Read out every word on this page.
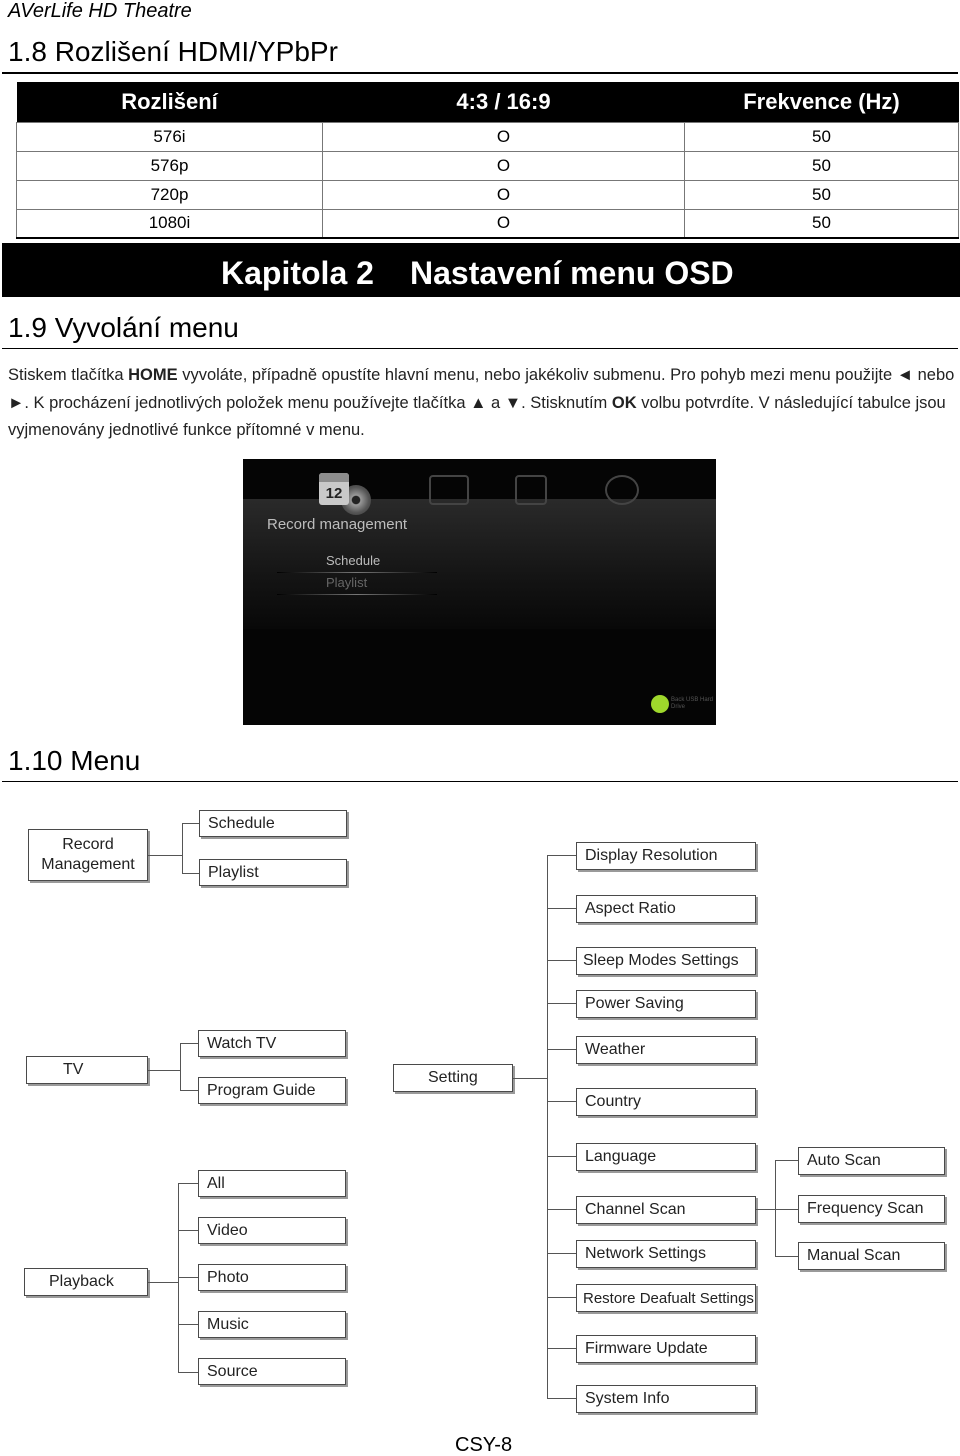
AVerLife HD Theatre
1.8 Rozlišení HDMI/YPbPr
Rozlišení	4:3 / 16:9	Frekvence (Hz)
576i	O	50
576p	O	50
720p	O	50
1080i	O	50
Kapitola 2 Nastavení menu OSD
1.9 Vyvolání menu
Stiskem tlačítka HOME vyvoláte, případně opustíte hlavní menu, nebo jakékoliv submenu. Pro pohyb mezi menu použijte ◄ nebo ►. K procházení jednotlivých položek menu používejte tlačítka ▲ a ▼. Stisknutím OK volbu potvrdíte. V následující tabulce jsou vyjmenovány jednotlivé funkce přítomné v menu.
12
Record management
Schedule
Playlist
Back USB Hard Drive
1.10 Menu
Record Management
Schedule
Playlist
TV
Watch TV
Program Guide
Playback
All
Video
Photo
Music
Source
Setting
Display Resolution
Aspect Ratio
Sleep Modes Settings
Power Saving
Weather
Country
Language
Channel Scan
Network Settings
Restore Deafualt Settings
Firmware Update
System Info
Auto Scan
Frequency Scan
Manual Scan
CSY-8
